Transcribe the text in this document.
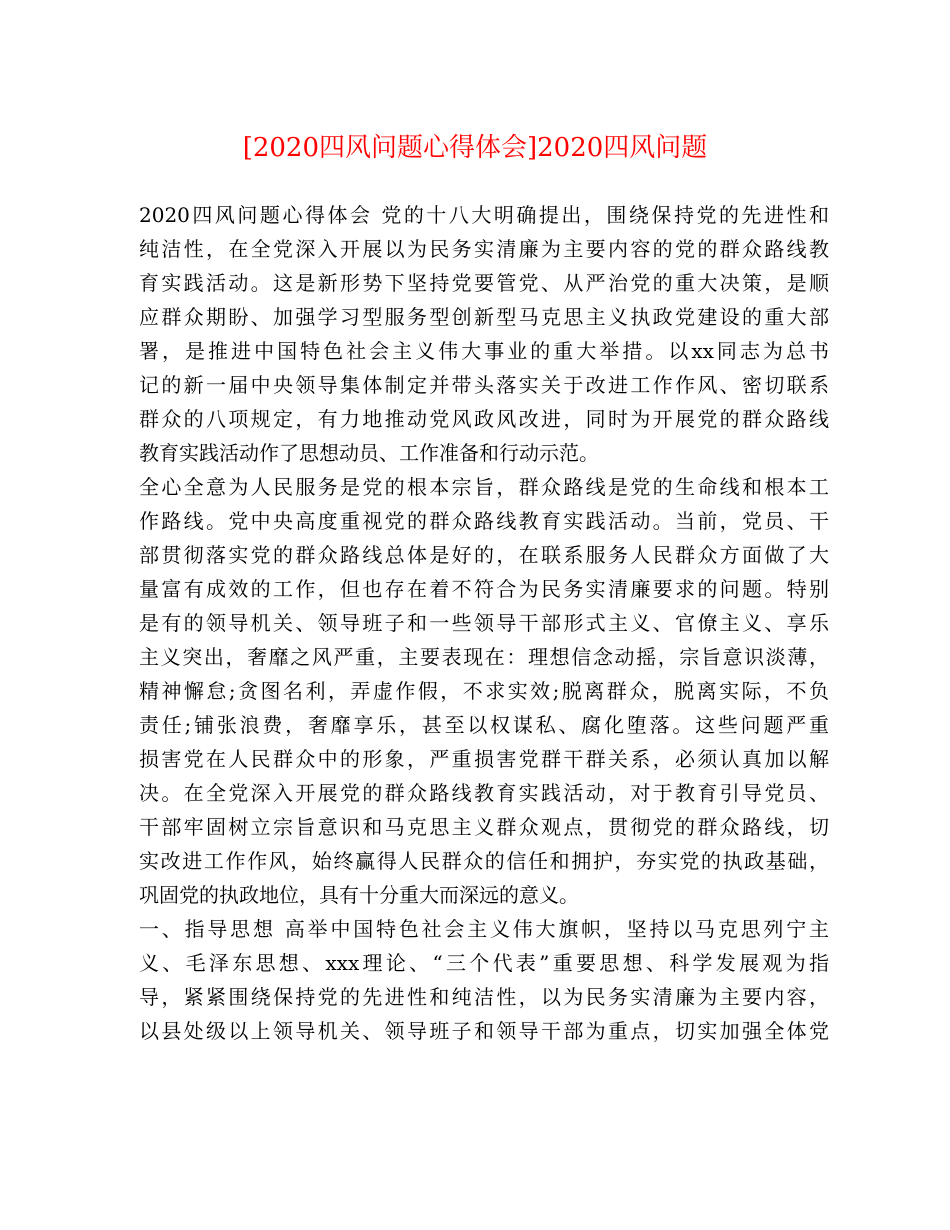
[2020四风问题心得体会]2020四风问题
2020四风问题心得体会 党的十八大明确提出，围绕保持党的先进性和
纯洁性，在全党深入开展以为民务实清廉为主要内容的党的群众路线教
育实践活动。这是新形势下坚持党要管党、从严治党的重大决策，是顺
应群众期盼、加强学习型服务型创新型马克思主义执政党建设的重大部
署，是推进中国特色社会主义伟大事业的重大举措。以xx同志为总书
记的新一届中央领导集体制定并带头落实关于改进工作作风、密切联系
群众的八项规定，有力地推动党风政风改进，同时为开展党的群众路线
教育实践活动作了思想动员、工作准备和行动示范。
全心全意为人民服务是党的根本宗旨，群众路线是党的生命线和根本工
作路线。党中央高度重视党的群众路线教育实践活动。当前，党员、干
部贯彻落实党的群众路线总体是好的，在联系服务人民群众方面做了大
量富有成效的工作，但也存在着不符合为民务实清廉要求的问题。特别
是有的领导机关、领导班子和一些领导干部形式主义、官僚主义、享乐
主义突出，奢靡之风严重，主要表现在：理想信念动摇，宗旨意识淡薄，
精神懈怠;贪图名利，弄虚作假，不求实效;脱离群众，脱离实际，不负
责任;铺张浪费，奢靡享乐，甚至以权谋私、腐化堕落。这些问题严重
损害党在人民群众中的形象，严重损害党群干群关系，必须认真加以解
决。在全党深入开展党的群众路线教育实践活动，对于教育引导党员、
干部牢固树立宗旨意识和马克思主义群众观点，贯彻党的群众路线，切
实改进工作作风，始终赢得人民群众的信任和拥护，夯实党的执政基础，
巩固党的执政地位，具有十分重大而深远的意义。
一、指导思想 高举中国特色社会主义伟大旗帜，坚持以马克思列宁主
义、毛泽东思想、xxx理论、“三个代表”重要思想、科学发展观为指
导，紧紧围绕保持党的先进性和纯洁性，以为民务实清廉为主要内容，
以县处级以上领导机关、领导班子和领导干部为重点，切实加强全体党
